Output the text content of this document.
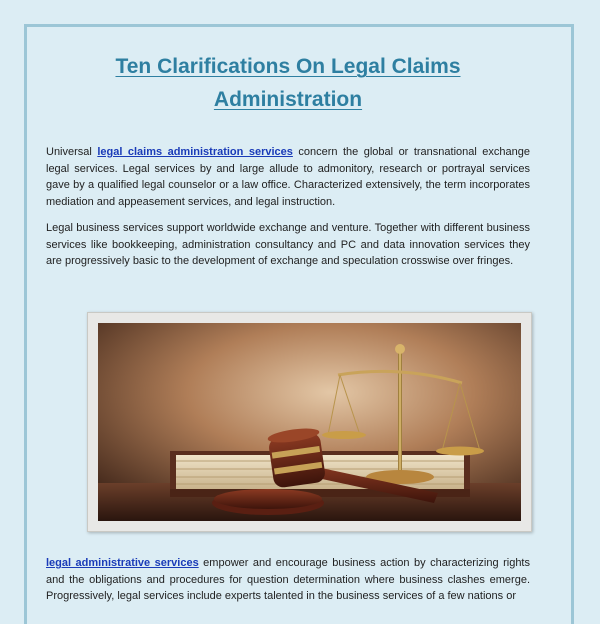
Ten Clarifications On Legal Claims
Administration

Universal legal claims administration services concern the global or transnational exchange legal services. Legal services by and large allude to admonitory, research or portrayal services gave by a qualified legal counselor or a law office. Characterized extensively, the term incorporates mediation and appeasement services, and legal instruction.

Legal business services support worldwide exchange and venture. Together with different business services like bookkeeping, administration consultancy and PC and data innovation services they are progressively basic to the development of exchange and speculation crosswise over fringes.

legal administrative services empower and encourage business action by characterizing rights and the obligations and procedures for question determination where business clashes emerge. Progressively, legal services include experts talented in the business services of a few nations or
